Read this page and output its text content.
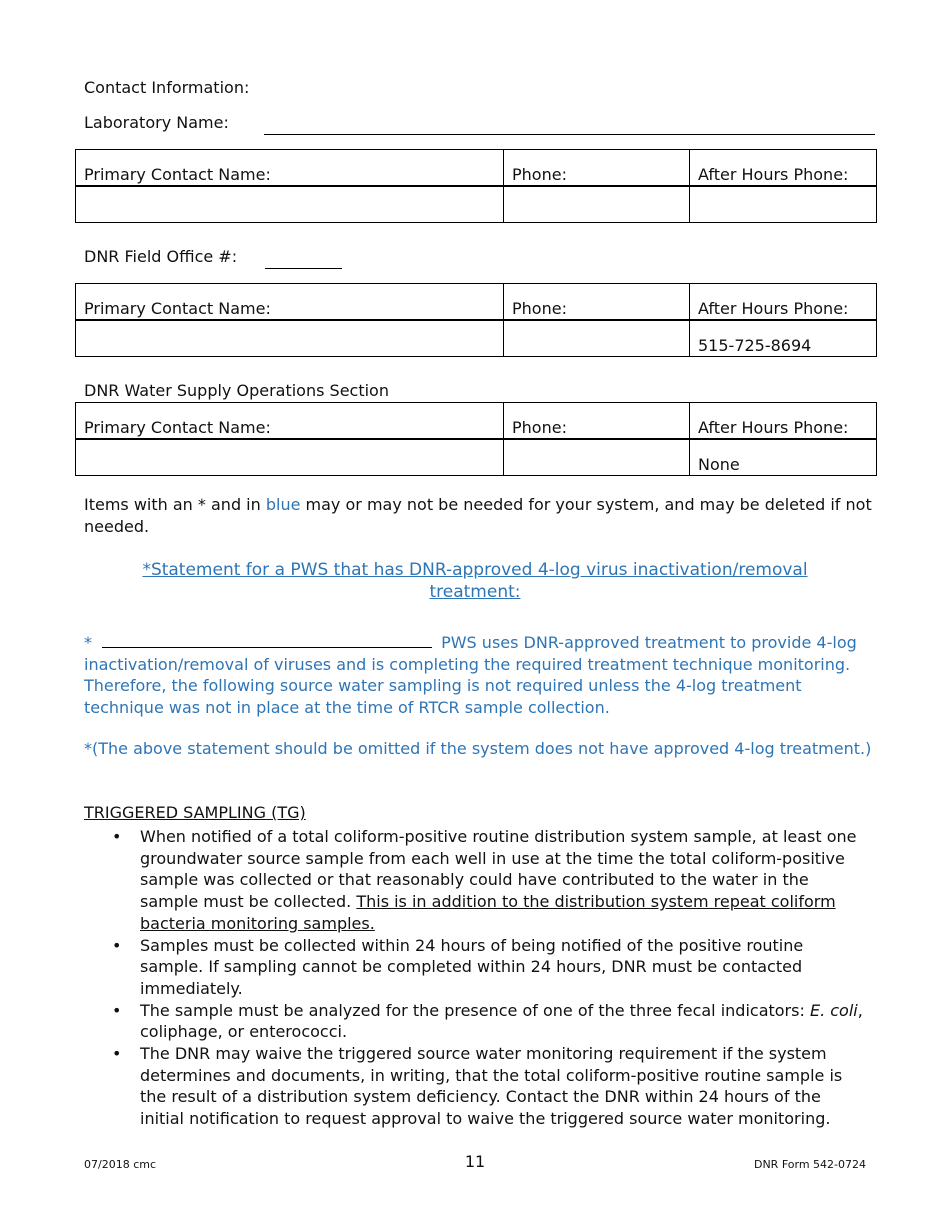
Contact Information:
Laboratory Name:
Primary Contact Name:	Phone:	After Hours Phone:

DNR Field Office #:
Primary Contact Name:	Phone:	After Hours Phone:
		515-725-8694
DNR Water Supply Operations Section
Primary Contact Name:	Phone:	After Hours Phone:
		None
Items with an * and in blue may or may not be needed for your system, and may be deleted if not needed.
*Statement for a PWS that has DNR-approved 4-log virus inactivation/removal
treatment:
*	PWS uses DNR-approved treatment to provide 4-log inactivation/removal of viruses and is completing the required treatment technique monitoring. Therefore, the following source water sampling is not required unless the 4-log treatment technique was not in place at the time of RTCR sample collection.
*(The above statement should be omitted if the system does not have approved 4-log treatment.)
TRIGGERED SAMPLING (TG)
• When notified of a total coliform-positive routine distribution system sample, at least one groundwater source sample from each well in use at the time the total coliform-positive sample was collected or that reasonably could have contributed to the water in the sample must be collected. This is in addition to the distribution system repeat coliform bacteria monitoring samples.
• Samples must be collected within 24 hours of being notified of the positive routine sample. If sampling cannot be completed within 24 hours, DNR must be contacted immediately.
• The sample must be analyzed for the presence of one of the three fecal indicators: E. coli, coliphage, or enterococci.
• The DNR may waive the triggered source water monitoring requirement if the system determines and documents, in writing, that the total coliform-positive routine sample is the result of a distribution system deficiency. Contact the DNR within 24 hours of the initial notification to request approval to waive the triggered source water monitoring.
07/2018 cmc	11	DNR Form 542-0724
